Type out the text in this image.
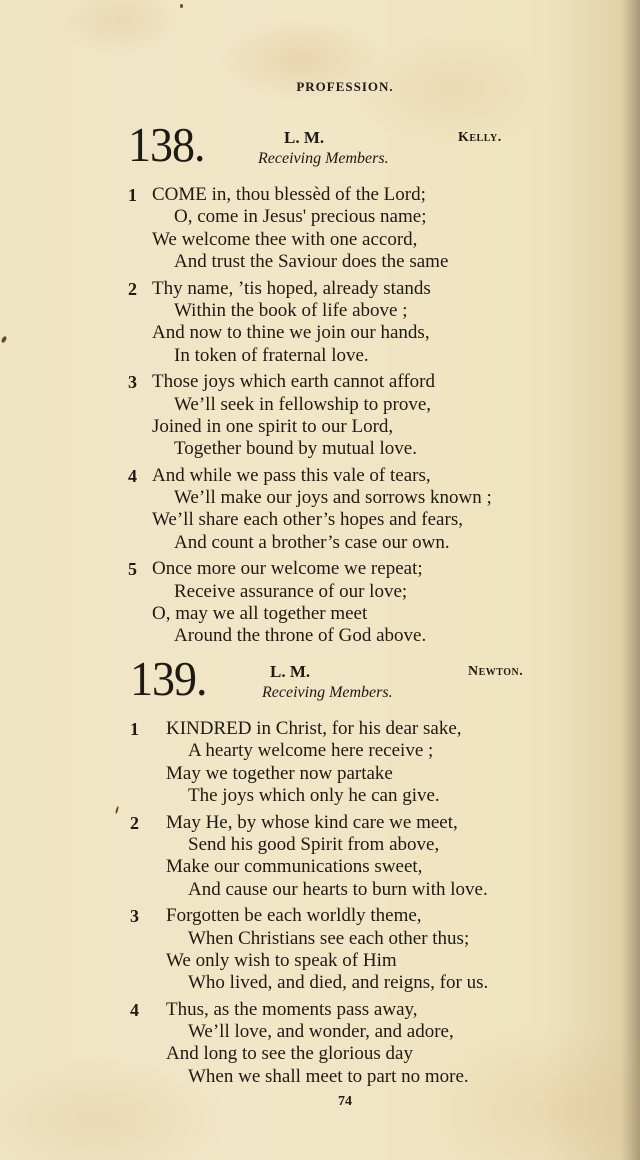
PROFESSION.
138.	L. M.	Kelly.
Receiving Members.
1 COME in, thou blessèd of the Lord;
O, come in Jesus' precious name;
We welcome thee with one accord,
And trust the Saviour does the same
2 Thy name, ’tis hoped, already stands
Within the book of life above ;
And now to thine we join our hands,
In token of fraternal love.
3 Those joys which earth cannot afford
We’ll seek in fellowship to prove,
Joined in one spirit to our Lord,
Together bound by mutual love.
4 And while we pass this vale of tears,
We’ll make our joys and sorrows known ;
We’ll share each other’s hopes and fears,
And count a brother’s case our own.
5 Once more our welcome we repeat;
Receive assurance of our love;
O, may we all together meet
Around the throne of God above.
139.	L. M.	Newton.
Receiving Members.
1 KINDRED in Christ, for his dear sake,
A hearty welcome here receive ;
May we together now partake
The joys which only he can give.
2 May He, by whose kind care we meet,
Send his good Spirit from above,
Make our communications sweet,
And cause our hearts to burn with love.
3 Forgotten be each worldly theme,
When Christians see each other thus;
We only wish to speak of Him
Who lived, and died, and reigns, for us.
4 Thus, as the moments pass away,
We’ll love, and wonder, and adore,
And long to see the glorious day
When we shall meet to part no more.
74
